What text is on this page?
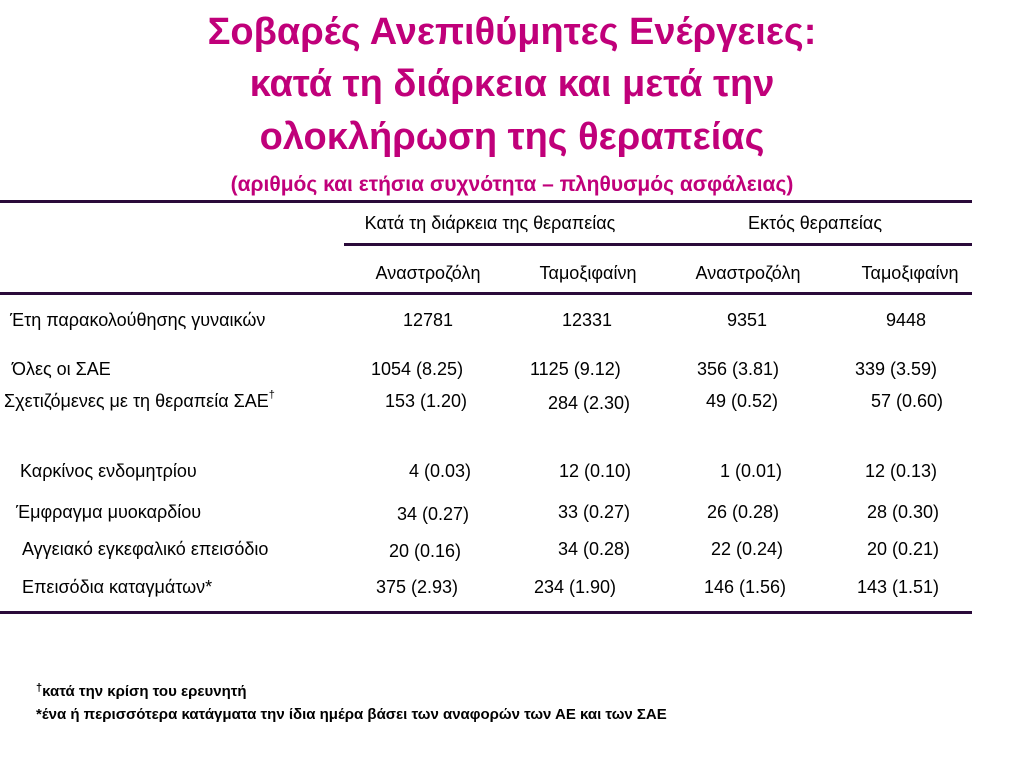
Σοβαρές Ανεπιθύμητες Ενέργειες:
κατά τη διάρκεια και μετά την
ολοκλήρωση της θεραπείας
(αριθμός και ετήσια συχνότητα – πληθυσμός ασφάλειας)
Κατά τη διάρκεια της θεραπείας	Εκτός θεραπείας
Αναστροζόλη	Ταμοξιφαίνη	Αναστροζόλη	Ταμοξιφαίνη
Έτη παρακολούθησης γυναικών	12781	12331	9351	9448
Όλες οι ΣΑΕ	1054 (8.25)	1125 (9.12)	356 (3.81)	339 (3.59)
Σχετιζόμενες με τη θεραπεία ΣΑΕ†	153 (1.20)	284 (2.30)	49 (0.52)	57 (0.60)
Καρκίνος ενδομητρίου	4 (0.03)	12 (0.10)	1 (0.01)	12 (0.13)
Έμφραγμα μυοκαρδίου	34 (0.27)	33 (0.27)	26 (0.28)	28 (0.30)
Αγγειακό εγκεφαλικό επεισόδιο	20 (0.16)	34 (0.28)	22 (0.24)	20 (0.21)
Επεισόδια καταγμάτων*	375 (2.93)	234 (1.90)	146 (1.56)	143 (1.51)
†κατά την κρίση του ερευνητή
*ένα ή περισσότερα κατάγματα την ίδια ημέρα βάσει των αναφορών των ΑΕ και των ΣΑΕ
